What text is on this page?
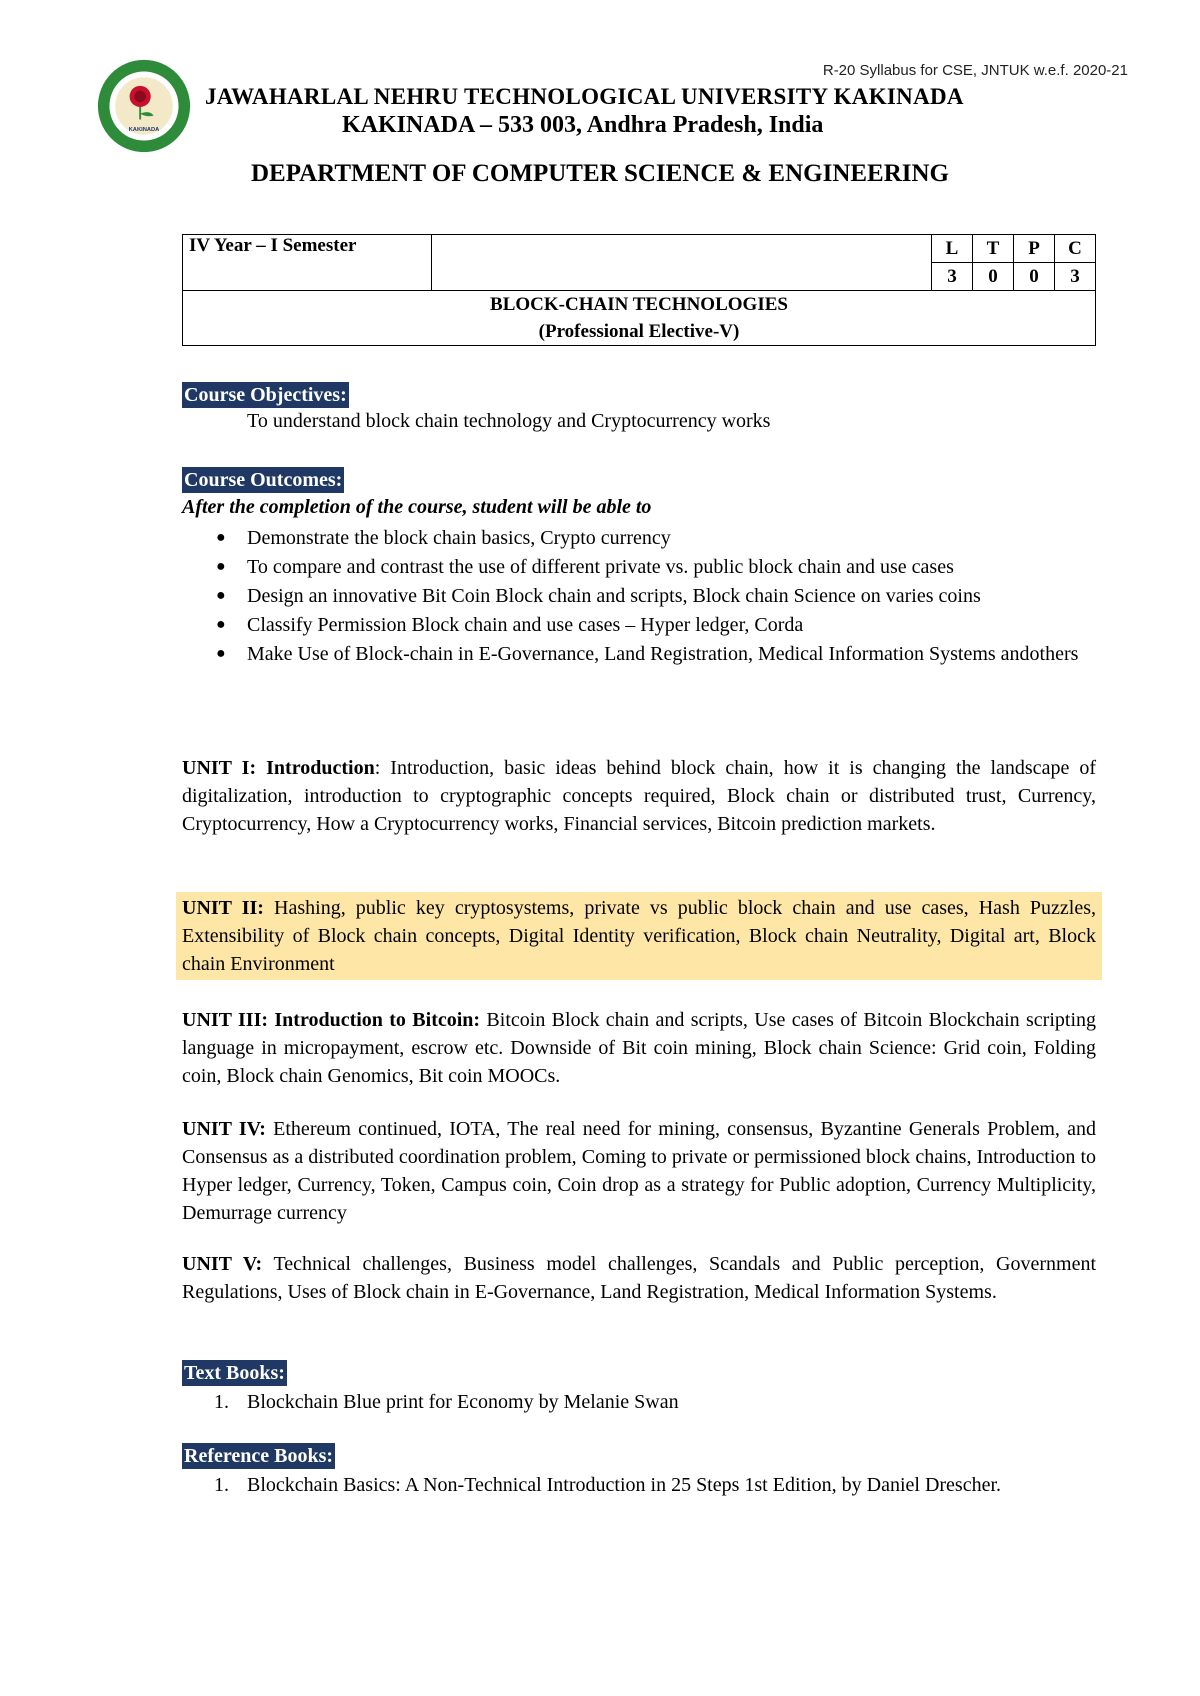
R-20 Syllabus for CSE, JNTUK w.e.f. 2020-21
KAKINADA
JAWAHARLAL NEHRU TECHNOLOGICAL UNIVERSITY KAKINADA
KAKINADA – 533 003, Andhra Pradesh, India
DEPARTMENT OF COMPUTER SCIENCE & ENGINEERING
IV Year – I Semester		L	T	P	C
		3	0	0	3

BLOCK-CHAIN TECHNOLOGIES
(Professional Elective-V)					
Course Objectives:
To understand block chain technology and Cryptocurrency works
Course Outcomes:
After the completion of the course, student will be able to
● Demonstrate the block chain basics, Crypto currency
● To compare and contrast the use of different private vs. public block chain and use cases
● Design an innovative Bit Coin Block chain and scripts, Block chain Science on varies coins
● Classify Permission Block chain and use cases – Hyper ledger, Corda
● Make Use of Block-chain in E-Governance, Land Registration, Medical Information Systems andothers
UNIT I: Introduction: Introduction, basic ideas behind block chain, how it is changing the landscape of digitalization, introduction to cryptographic concepts required, Block chain or distributed trust, Currency, Cryptocurrency, How a Cryptocurrency works, Financial services, Bitcoin prediction markets.
UNIT II: Hashing, public key cryptosystems, private vs public block chain and use cases, Hash Puzzles, Extensibility of Block chain concepts, Digital Identity verification, Block chain Neutrality, Digital art, Block chain Environment
UNIT III: Introduction to Bitcoin: Bitcoin Block chain and scripts, Use cases of Bitcoin Blockchain scripting language in micropayment, escrow etc. Downside of Bit coin mining, Block chain Science: Grid coin, Folding coin, Block chain Genomics, Bit coin MOOCs.
UNIT IV: Ethereum continued, IOTA, The real need for mining, consensus, Byzantine Generals Problem, and Consensus as a distributed coordination problem, Coming to private or permissioned block chains, Introduction to Hyper ledger, Currency, Token, Campus coin, Coin drop as a strategy for Public adoption, Currency Multiplicity, Demurrage currency
UNIT V: Technical challenges, Business model challenges, Scandals and Public perception, Government Regulations, Uses of Block chain in E-Governance, Land Registration, Medical Information Systems.
Text Books:
1. Blockchain Blue print for Economy by Melanie Swan
Reference Books:
1. Blockchain Basics: A Non-Technical Introduction in 25 Steps 1st Edition, by Daniel Drescher.
